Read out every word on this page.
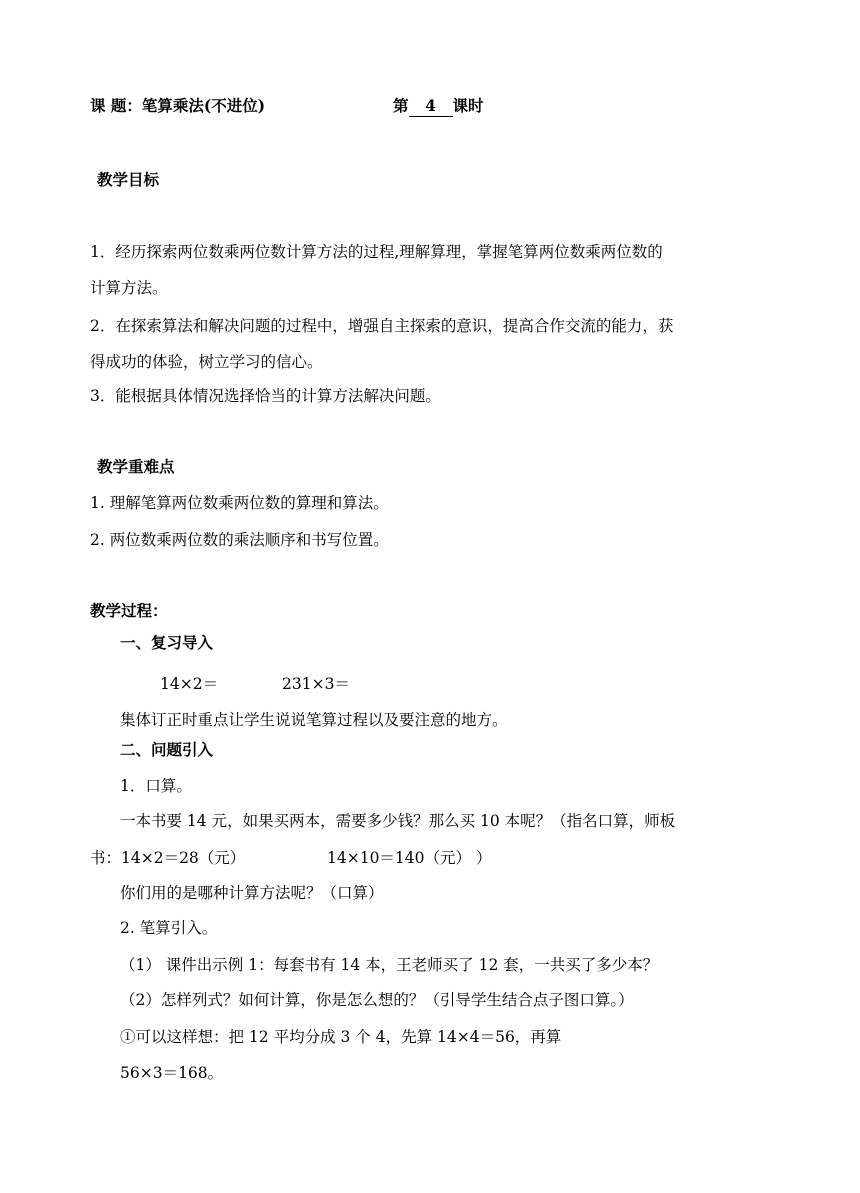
课 题：笔算乘法(不进位)	第 4 课时
教学目标
1．经历探索两位数乘两位数计算方法的过程,理解算理，掌握笔算两位数乘两位数的
计算方法。
2．在探索算法和解决问题的过程中，增强自主探索的意识，提高合作交流的能力，获
得成功的体验，树立学习的信心。
3．能根据具体情况选择恰当的计算方法解决问题。
教学重难点
1. 理解笔算两位数乘两位数的算理和算法。
2. 两位数乘两位数的乘法顺序和书写位置。
教学过程：
一、复习导入
14×2＝	231×3＝
集体订正时重点让学生说说笔算过程以及要注意的地方。
二、问题引入
1．口算。
一本书要 14 元，如果买两本，需要多少钱？那么买 10 本呢？（指名口算，师板
书：14×2＝28（元）	14×10＝140（元） ）
你们用的是哪种计算方法呢？（口算）
2. 笔算引入。
（1） 课件出示例 1：每套书有 14 本，王老师买了 12 套，一共买了多少本？
（2）怎样列式？如何计算，你是怎么想的？（引导学生结合点子图口算。）
①可以这样想：把 12 平均分成 3 个 4，先算 14×4＝56，再算
56×3＝168。
